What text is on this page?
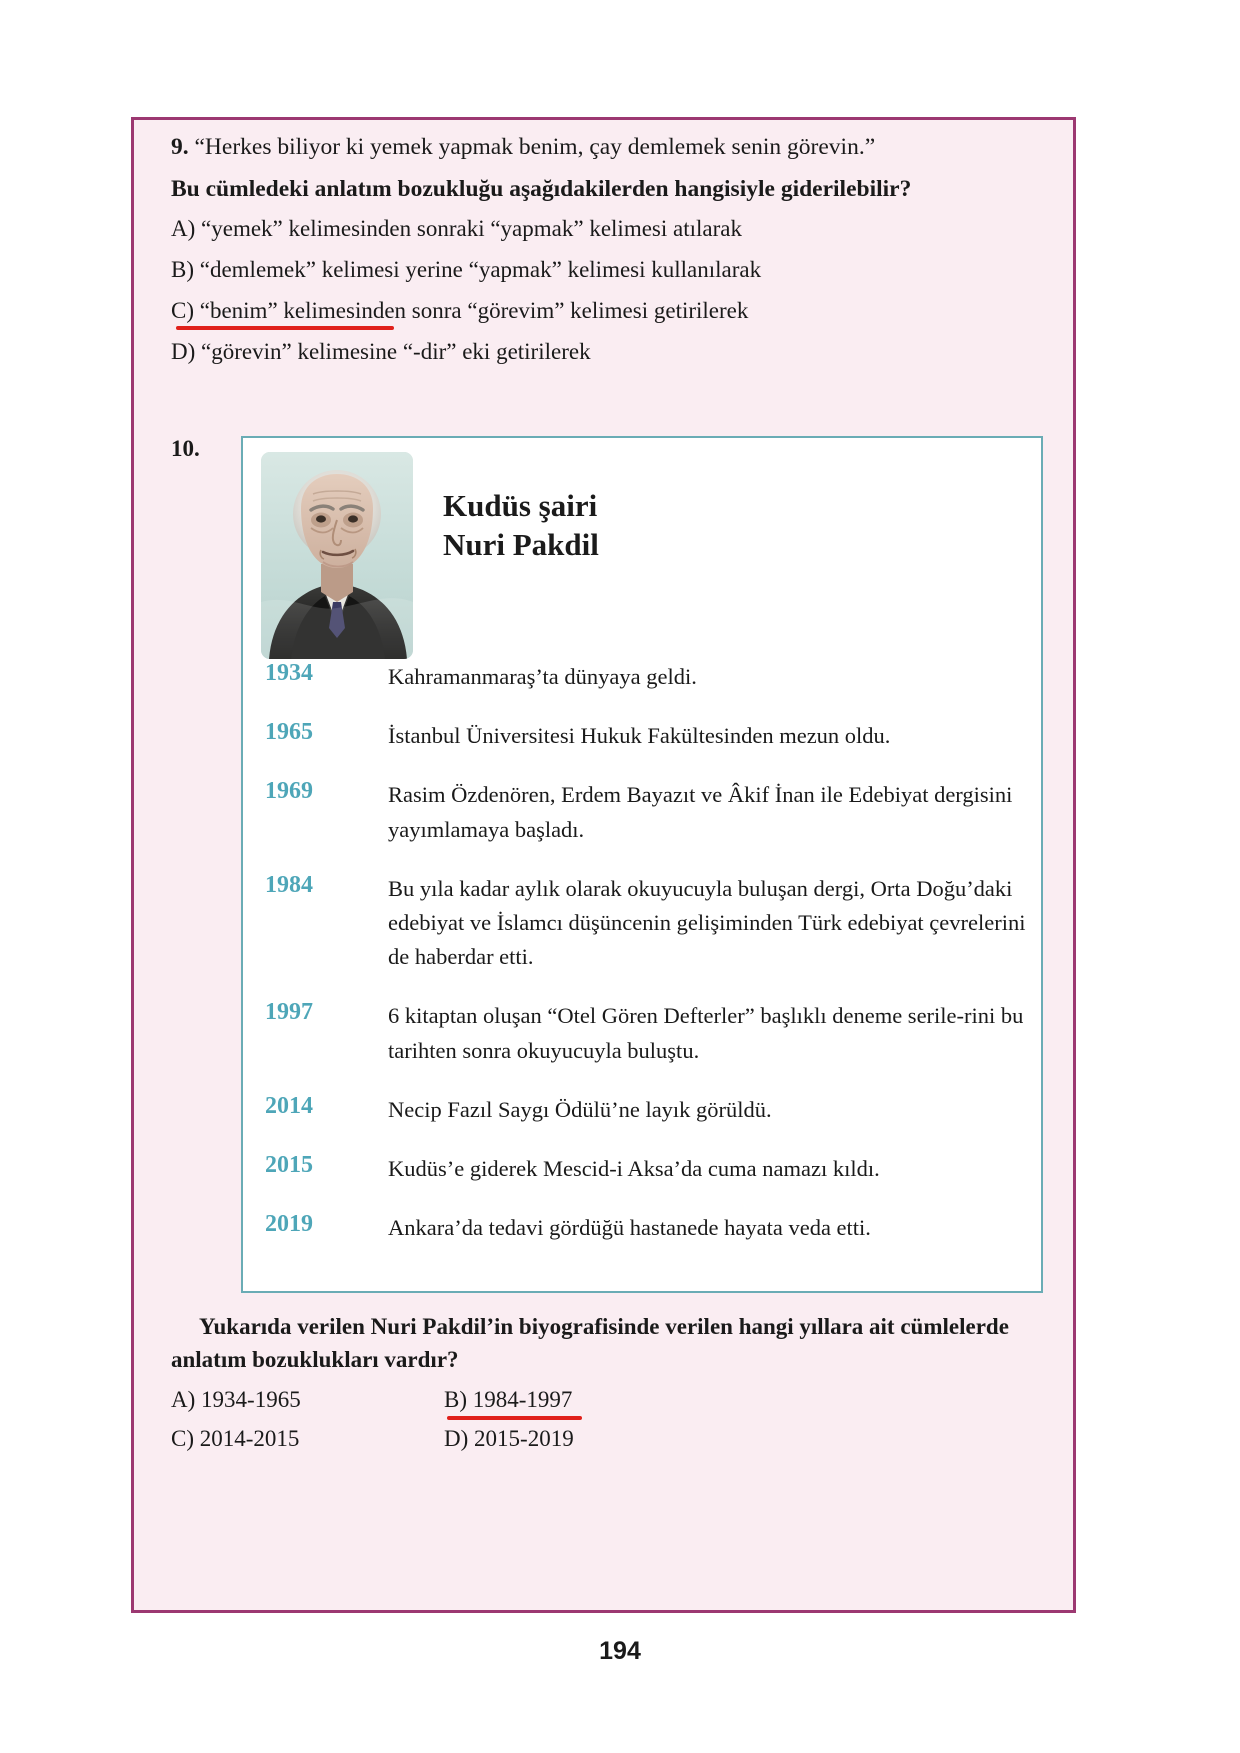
9. “Herkes biliyor ki yemek yapmak benim, çay demlemek senin görevin.”
Bu cümledeki anlatım bozukluğu aşağıdakilerden hangisiyle giderilebilir?
A) “yemek” kelimesinden sonraki “yapmak” kelimesi atılarak
B) “demlemek” kelimesi yerine “yapmak” kelimesi kullanılarak
C) “benim” kelimesinden sonra “görevim” kelimesi getirilerek
D) “görevin” kelimesine “-dir” eki getirilerek
10.
Kudüs şairi
Nuri Pakdil
1934	Kahramanmaraş’ta dünyaya geldi.
1965	İstanbul Üniversitesi Hukuk Fakültesinden mezun oldu.
1969	Rasim Özdenören, Erdem Bayazıt ve Âkif İnan ile Edebiyat dergisini yayımlamaya başladı.
1984	Bu yıla kadar aylık olarak okuyucuyla buluşan dergi, Orta Doğu’daki edebiyat ve İslamcı düşüncenin gelişiminden Türk edebiyat çevrelerini de haberdar etti.
1997	6 kitaptan oluşan “Otel Gören Defterler” başlıklı deneme serile-rini bu tarihten sonra okuyucuyla buluştu.
2014	Necip Fazıl Saygı Ödülü’ne layık görüldü.
2015	Kudüs’e giderek Mescid-i Aksa’da cuma namazı kıldı.
2019	Ankara’da tedavi gördüğü hastanede hayata veda etti.
Yukarıda verilen Nuri Pakdil’in biyografisinde verilen hangi yıllara ait cümlelerde anlatım bozuklukları vardır?
A) 1934-1965	B) 1984-1997
C) 2014-2015	D) 2015-2019
194
